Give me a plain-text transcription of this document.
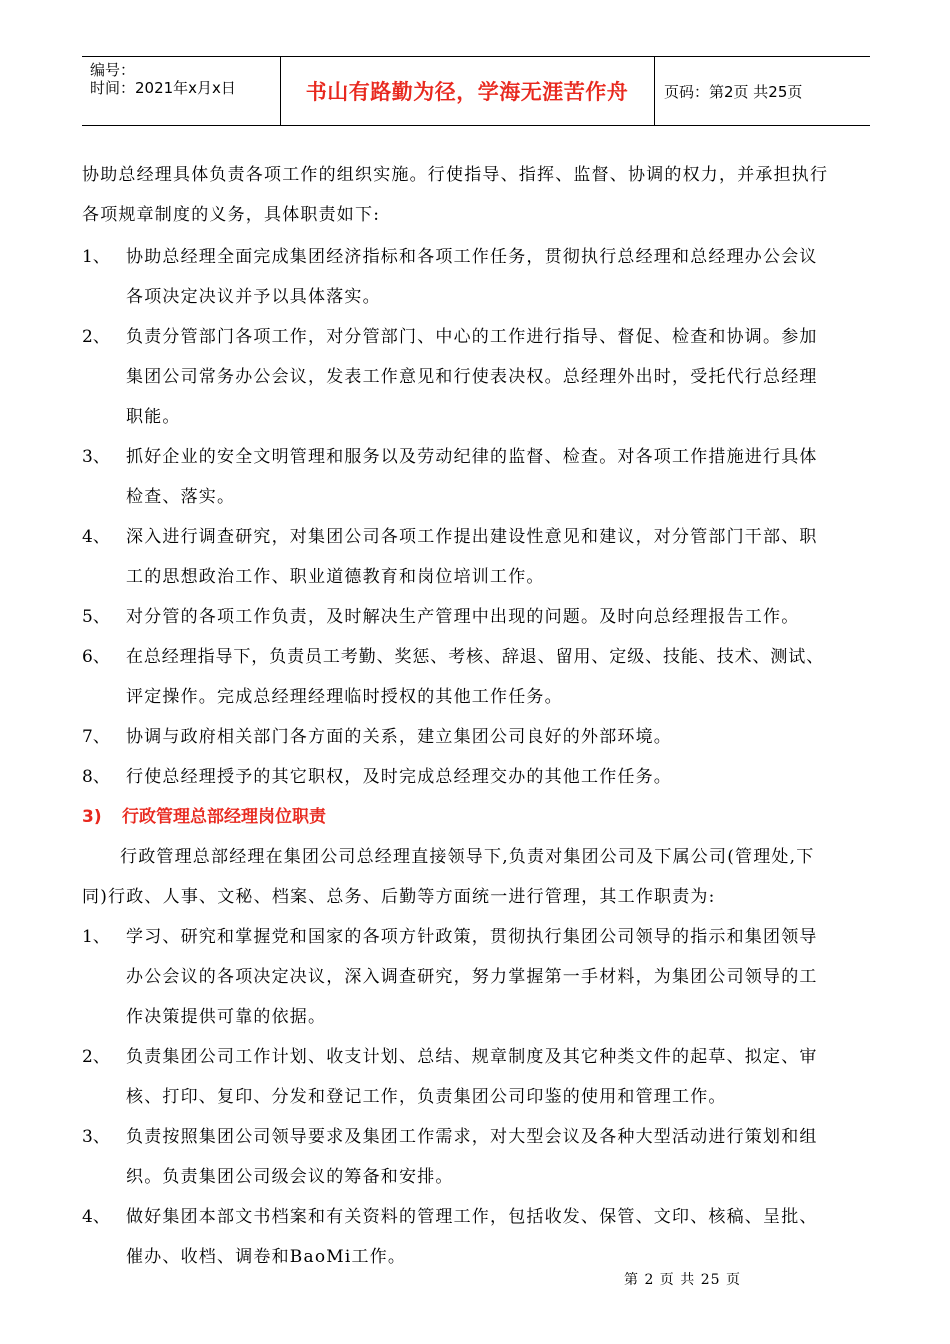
编号：
时间：2021年x月x日	书山有路勤为径，学海无涯苦作舟	页码：第2页 共25页
协助总经理具体负责各项工作的组织实施。行使指导、指挥、监督、协调的权力，并承担执行
各项规章制度的义务，具体职责如下:
1、 协助总经理全面完成集团经济指标和各项工作任务，贯彻执行总经理和总经理办公会议
各项决定决议并予以具体落实。
2、 负责分管部门各项工作，对分管部门、中心的工作进行指导、督促、检查和协调。参加
集团公司常务办公会议，发表工作意见和行使表决权。总经理外出时，受托代行总经理
职能。
3、 抓好企业的安全文明管理和服务以及劳动纪律的监督、检查。对各项工作措施进行具体
检查、落实。
4、 深入进行调查研究，对集团公司各项工作提出建设性意见和建议，对分管部门干部、职
工的思想政治工作、职业道德教育和岗位培训工作。
5、 对分管的各项工作负责，及时解决生产管理中出现的问题。及时向总经理报告工作。
6、 在总经理指导下，负责员工考勤、奖惩、考核、辞退、留用、定级、技能、技术、测试、
评定操作。完成总经理经理临时授权的其他工作任务。
7、 协调与政府相关部门各方面的关系，建立集团公司良好的外部环境。
8、 行使总经理授予的其它职权，及时完成总经理交办的其他工作任务。
3) 行政管理总部经理岗位职责
行政管理总部经理在集团公司总经理直接领导下,负责对集团公司及下属公司(管理处,下
同)行政、人事、文秘、档案、总务、后勤等方面统一进行管理，其工作职责为:
1、 学习、研究和掌握党和国家的各项方针政策，贯彻执行集团公司领导的指示和集团领导
办公会议的各项决定决议，深入调查研究，努力掌握第一手材料，为集团公司领导的工
作决策提供可靠的依据。
2、 负责集团公司工作计划、收支计划、总结、规章制度及其它种类文件的起草、拟定、审
核、打印、复印、分发和登记工作，负责集团公司印鉴的使用和管理工作。
3、 负责按照集团公司领导要求及集团工作需求，对大型会议及各种大型活动进行策划和组
织。负责集团公司级会议的筹备和安排。
4、 做好集团本部文书档案和有关资料的管理工作，包括收发、保管、文印、核稿、呈批、
催办、收档、调卷和BaoMi工作。
第 2 页 共 25 页
